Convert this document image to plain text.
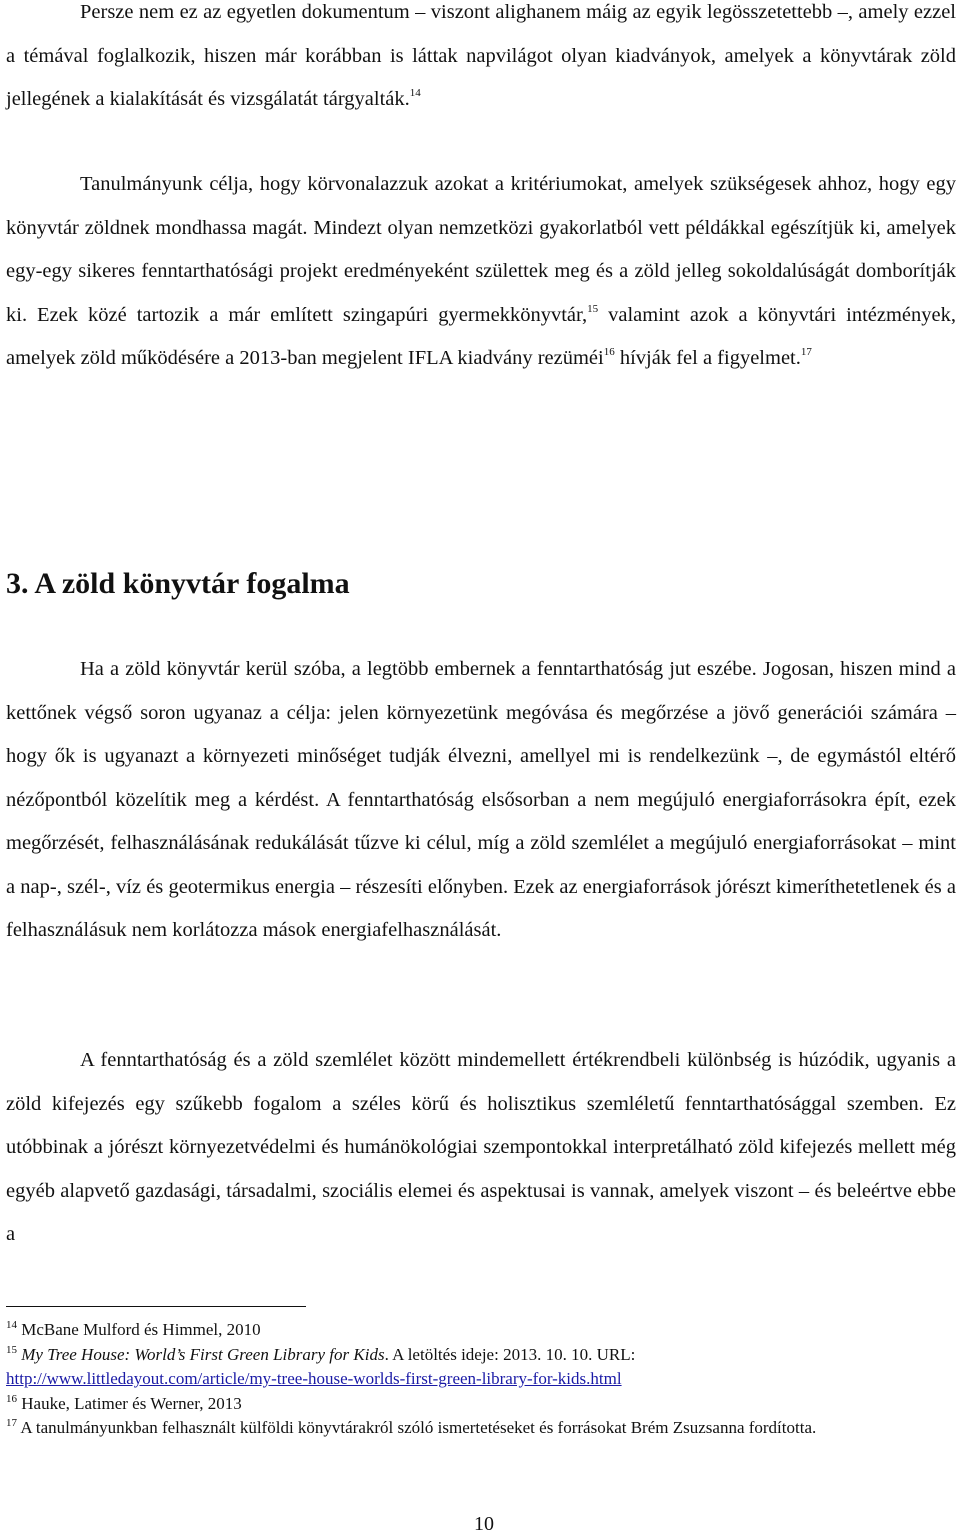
Persze nem ez az egyetlen dokumentum – viszont alighanem máig az egyik legösszetettebb –, amely ezzel a témával foglalkozik, hiszen már korábban is láttak napvilágot olyan kiadványok, amelyek a könyvtárak zöld jellegének a kialakítását és vizsgálatát tárgyalták.$^{14}$

Tanulmányunk célja, hogy körvonalazzuk azokat a kritériumokat, amelyek szükségesek ahhoz, hogy egy könyvtár zöldnek mondhassa magát. Mindezt olyan nemzetközi gyakorlatból vett példákkal egészítjük ki, amelyek egy-egy sikeres fenntarthatósági projekt eredményeként születtek meg és a zöld jelleg sokoldalúságát domborítják ki. Ezek közé tartozik a már említett szingapúri gyermekkönyvtár,$^{15}$ valamint azok a könyvtári intézmények, amelyek zöld működésére a 2013-ban megjelent IFLA kiadvány rezüméi$^{16}$ hívják fel a figyelmet.$^{17}$

3. A zöld könyvtár fogalma

Ha a zöld könyvtár kerül szóba, a legtöbb embernek a fenntarthatóság jut eszébe. Jogosan, hiszen mind a kettőnek végső soron ugyanaz a célja: jelen környezetünk megóvása és megőrzése a jövő generációi számára – hogy ők is ugyanazt a környezeti minőséget tudják élvezni, amellyel mi is rendelkezünk –, de egymástól eltérő nézőpontból közelítik meg a kérdést. A fenntarthatóság elsősorban a nem megújuló energiaforrásokra épít, ezek megőrzését, felhasználásának redukálását tűzve ki célul, míg a zöld szemlélet a megújuló energiaforrásokat – mint a nap-, szél-, víz és geotermikus energia – részesíti előnyben. Ezek az energiaforrások jórészt kimeríthetetlenek és a felhasználásuk nem korlátozza mások energiafelhasználását.

A fenntarthatóság és a zöld szemlélet között mindemellett értékrendbeli különbség is húzódik, ugyanis a zöld kifejezés egy szűkebb fogalom a széles körű és holisztikus szemléletű fenntarthatósággal szemben. Ez utóbbinak a jórészt környezetvédelmi és humánökológiai szempontokkal interpretálható zöld kifejezés mellett még egyéb alapvető gazdasági, társadalmi, szociális elemei és aspektusai is vannak, amelyek viszont – és beleértve ebbe a

$^{14}$ McBane Mulford és Himmel, 2010

$^{15}$ My Tree House: World’s First Green Library for Kids. A letöltés ideje: 2013. 10. 10. URL:
http://www.littledayout.com/article/my-tree-house-worlds-first-green-library-for-kids.html

$^{16}$ Hauke, Latimer és Werner, 2013

$^{17}$ A tanulmányunkban felhasznált külföldi könyvtárakról szóló ismertetéseket és forrásokat Brém Zsuzsanna fordította.

10
